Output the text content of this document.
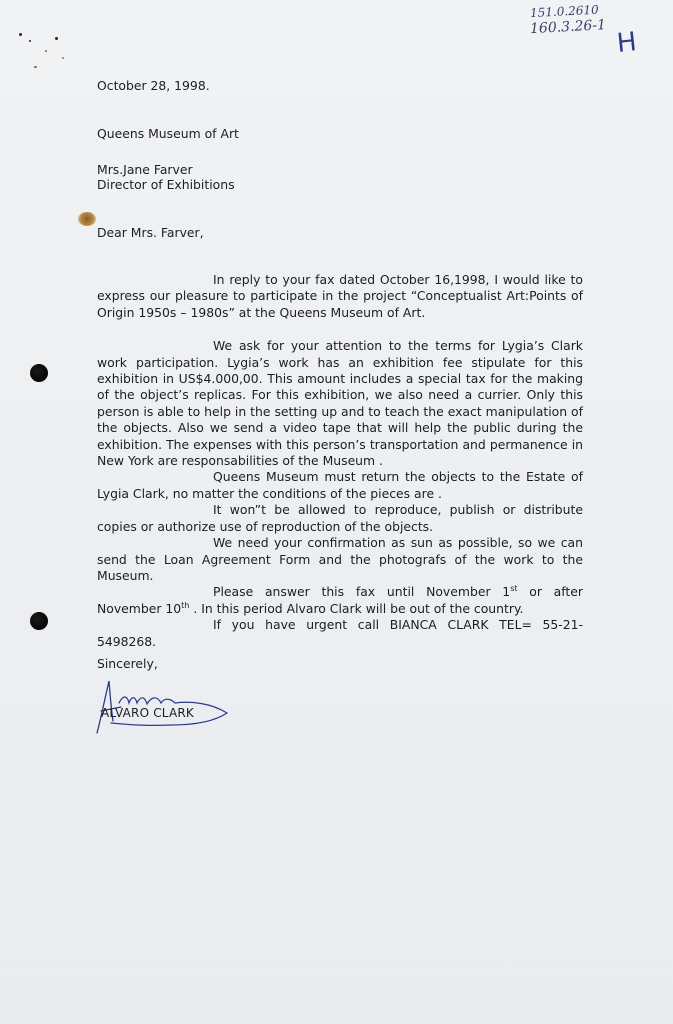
151.0.2610
160.3.26-1 H
October 28, 1998.
Queens Museum of Art
Mrs.Jane Farver
Director of Exhibitions
Dear Mrs. Farver,

In reply to your fax dated October 16,1998, I would like to express our pleasure to participate in the project “Conceptualist Art:Points of Origin 1950s – 1980s” at the Queens Museum of Art.

We ask for your attention to the terms for Lygia’s Clark work participation. Lygia’s work has an exhibition fee stipulate for this exhibition in US$4.000,00. This amount includes a special tax for the making of the object’s replicas. For this exhibition, we also need a currier. Only this person is able to help in the setting up and to teach the exact manipulation of the objects. Also we send a video tape that will help the public during the exhibition. The expenses with this person’s transportation and permanence in New York are responsabilities of the Museum .

Queens Museum must return the objects to the Estate of Lygia Clark, no matter the conditions of the pieces are .

It won”t be allowed to reproduce, publish or distribute copies or authorize use of reproduction of the objects.

We need your confirmation as sun as possible, so we can send the Loan Agreement Form and the photografs of the work to the Museum.

Please answer this fax until November 1st or after November 10th . In this period Alvaro Clark will be out of the country.

If you have urgent call BIANCA CLARK TEL= 55-21-5498268.

Sincerely,
ALVARO CLARK
